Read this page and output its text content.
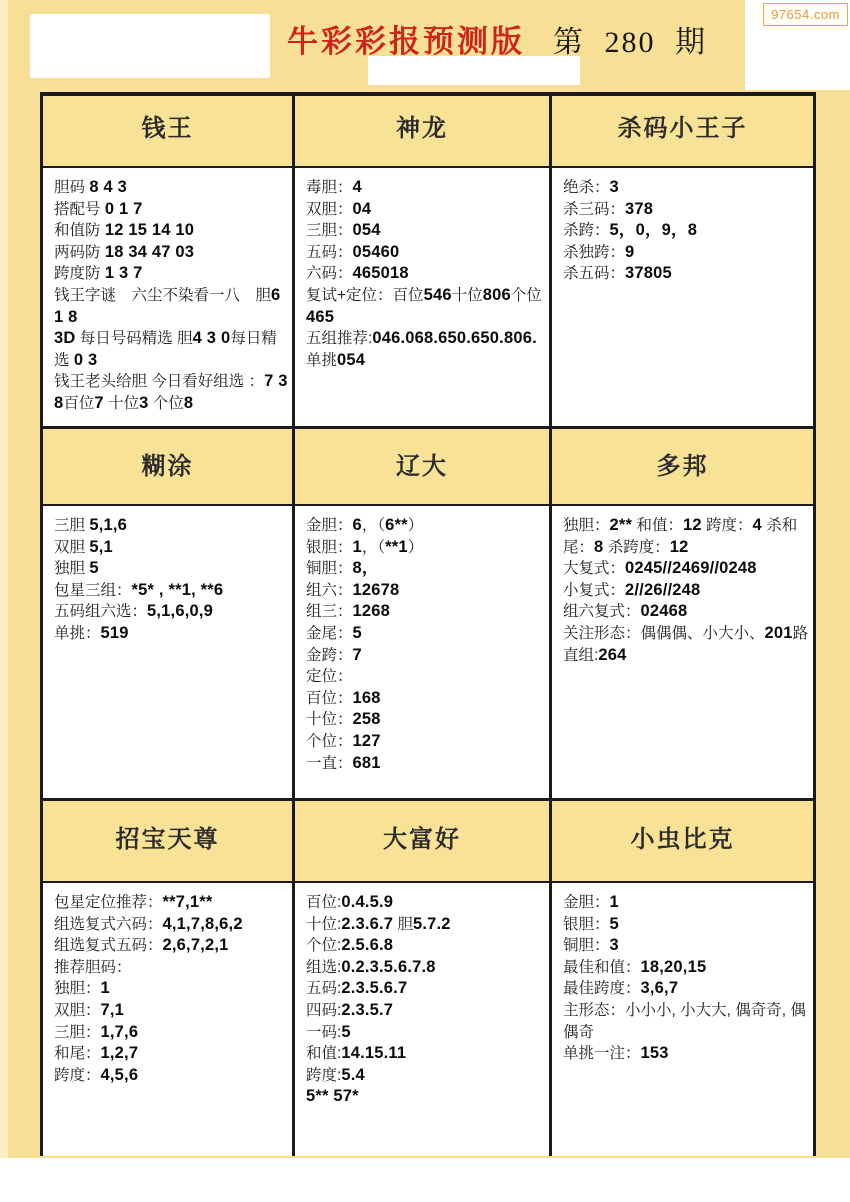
97654.com
牛彩彩报预测版 第 280 期
钱王	神龙	杀码小王子
胆码 8 4 3
搭配号 0 1 7
和值防 12 15 14 10
两码防 18 34 47 03
跨度防 1 3 7
钱王字谜　六尘不染看一八　胆6 1 8
3D 每日号码精选 胆4 3 0每日精选 0 3
钱王老头给胆 今日看好组选 ：7 3 8百位7 十位3 个位8
毒胆：4
双胆：04
三胆：054
五码：05460
六码：465018
复试+定位：百位546十位806个位465
五组推荐:046.068.650.650.806.
单挑054
绝杀：3
杀三码：378
杀跨：5，0，9，8
杀独跨：9
杀五码：37805
糊涂	辽大	多邦
三胆 5,1,6
双胆 5,1
独胆 5
包星三组：*5* , **1, **6
五码组六选：5,1,6,0,9
单挑：519
金胆：6，（6**）
银胆：1，（**1）
铜胆：8，
组六：12678
组三：1268
金尾：5
金跨：7
定位：
百位：168
十位：258
个位：127
一直：681
独胆：2** 和值：12 跨度：4 杀和尾：8 杀跨度：12
大复式：0245//2469//0248
小复式：2//26//248
组六复式：02468
关注形态：偶偶偶、小大小、201路
直组:264
招宝天尊	大富好	小虫比克
包星定位推荐：**7,1**
组选复式六码：4,1,7,8,6,2
组选复式五码：2,6,7,2,1
推荐胆码：
独胆：1
双胆：7,1
三胆：1,7,6
和尾：1,2,7
跨度：4,5,6
百位:0.4.5.9
十位:2.3.6.7 胆5.7.2
个位:2.5.6.8
组选:0.2.3.5.6.7.8
五码:2.3.5.6.7
四码:2.3.5.7
一码:5
和值:14.15.11
跨度:5.4
5** 57*
金胆：1
银胆：5
铜胆：3
最佳和值：18,20,15
最佳跨度：3,6,7
主形态：小小小, 小大大, 偶奇奇, 偶偶奇
单挑一注：153
